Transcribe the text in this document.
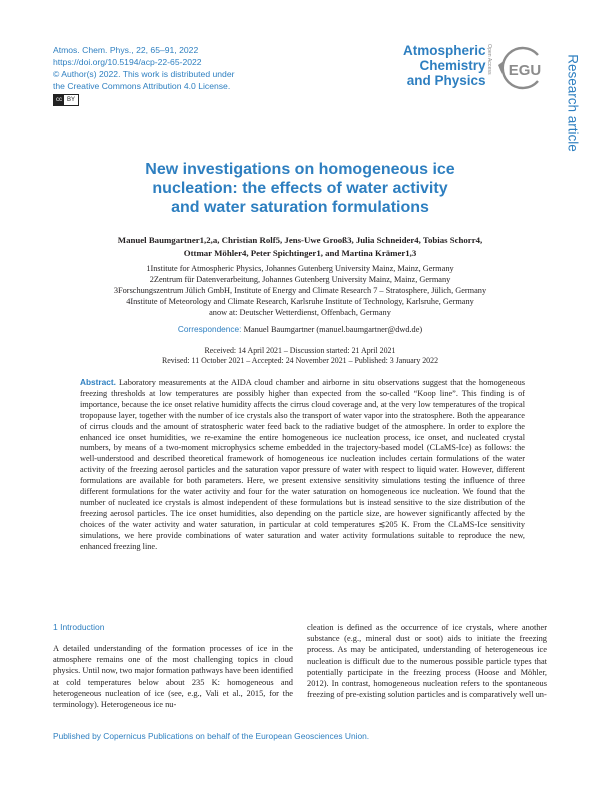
Atmos. Chem. Phys., 22, 65–91, 2022
https://doi.org/10.5194/acp-22-65-2022
© Author(s) 2022. This work is distributed under
the Creative Commons Attribution 4.0 License.
cc BY
Atmospheric
Chemistry
and Physics
Open Access EGU Research article
New investigations on homogeneous ice
nucleation: the effects of water activity
and water saturation formulations
Manuel Baumgartner1,2,a, Christian Rolf5, Jens-Uwe Grooß3, Julia Schneider4, Tobias Schorr4,
Ottmar Möhler4, Peter Spichtinger1, and Martina Krämer1,3
1Institute for Atmospheric Physics, Johannes Gutenberg University Mainz, Mainz, Germany
2Zentrum für Datenverarbeitung, Johannes Gutenberg University Mainz, Mainz, Germany
3Forschungszentrum Jülich GmbH, Institute of Energy and Climate Research 7 – Stratosphere, Jülich, Germany
4Institute of Meteorology and Climate Research, Karlsruhe Institute of Technology, Karlsruhe, Germany
anow at: Deutscher Wetterdienst, Offenbach, Germany
Correspondence: Manuel Baumgartner (manuel.baumgartner@dwd.de)
Received: 14 April 2021 – Discussion started: 21 April 2021
Revised: 11 October 2021 – Accepted: 24 November 2021 – Published: 3 January 2022
Abstract. Laboratory measurements at the AIDA cloud chamber and airborne in situ observations suggest that the homogeneous freezing thresholds at low temperatures are possibly higher than expected from the so-called “Koop line”. This finding is of importance, because the ice onset relative humidity affects the cirrus cloud coverage and, at the very low temperatures of the tropical tropopause layer, together with the number of ice crystals also the transport of water vapor into the stratosphere. Both the appearance of cirrus clouds and the amount of stratospheric water feed back to the radiative budget of the atmosphere. In order to explore the enhanced ice onset humidities, we re-examine the entire homogeneous ice nucleation process, ice onset, and nucleated crystal numbers, by means of a two-moment microphysics scheme embedded in the trajectory-based model (CLaMS-Ice) as follows: the well-understood and described theoretical framework of homogeneous ice nucleation includes certain formulations of the water activity of the freezing aerosol particles and the saturation vapor pressure of water with respect to liquid water. However, different formulations are available for both parameters. Here, we present extensive sensitivity simulations testing the influence of three different formulations for the water activity and four for the water saturation on homogeneous ice nucleation. We found that the number of nucleated ice crystals is almost independent of these formulations but is instead sensitive to the size distribution of the freezing aerosol particles. The ice onset humidities, also depending on the particle size, are however significantly affected by the choices of the water activity and water saturation, in particular at cold temperatures ≲205 K. From the CLaMS-Ice sensitivity simulations, we here provide combinations of water saturation and water activity formulations suitable to reproduce the new, enhanced freezing line.
1 Introduction
A detailed understanding of the formation processes of ice in the atmosphere remains one of the most challenging topics in cloud physics. Until now, two major formation pathways have been identified at cold temperatures below about 235 K: homogeneous and heterogeneous nucleation of ice (see, e.g., Vali et al., 2015, for the terminology). Heterogeneous ice nu-
cleation is defined as the occurrence of ice crystals, where another substance (e.g., mineral dust or soot) aids to initiate the freezing process. As may be anticipated, understanding of heterogeneous ice nucleation is difficult due to the numerous possible particle types that potentially participate in the freezing process (Hoose and Möhler, 2012). In contrast, homogeneous nucleation refers to the spontaneous freezing of pre-existing solution particles and is comparatively well un-
Published by Copernicus Publications on behalf of the European Geosciences Union.
